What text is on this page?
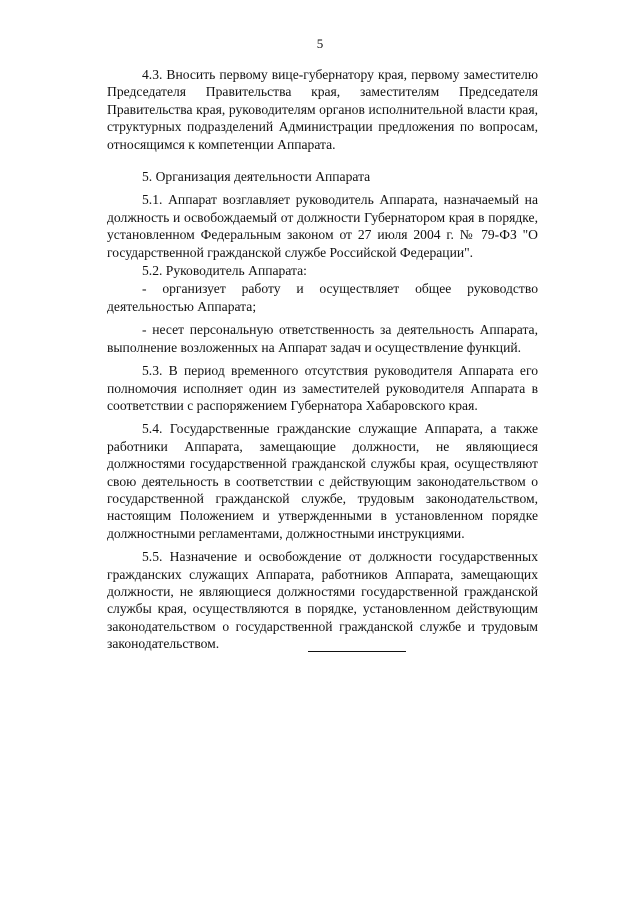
5

4.3. Вносить первому вице-губернатору края, первому заместителю Председателя Правительства края, заместителям Председателя Правительства края, руководителям органов исполнительной власти края, структурных подразделений Администрации предложения по вопросам, относящимся к компетенции Аппарата.

5. Организация деятельности Аппарата

5.1. Аппарат возглавляет руководитель Аппарата, назначаемый на должность и освобождаемый от должности Губернатором края в порядке, установленном Федеральным законом от 27 июля 2004 г. № 79-ФЗ "О государственной гражданской службе Российской Федерации".

5.2. Руководитель Аппарата:

- организует работу и осуществляет общее руководство деятельностью Аппарата;

- несет персональную ответственность за деятельность Аппарата, выполнение возложенных на Аппарат задач и осуществление функций.

5.3. В период временного отсутствия руководителя Аппарата его полномочия исполняет один из заместителей руководителя Аппарата в соответствии с распоряжением Губернатора Хабаровского края.

5.4. Государственные гражданские служащие Аппарата, а также работники Аппарата, замещающие должности, не являющиеся должностями государственной гражданской службы края, осуществляют свою деятельность в соответствии с действующим законодательством о государственной гражданской службе, трудовым законодательством, настоящим Положением и утвержденными в установленном порядке должностными регламентами, должностными инструкциями.

5.5. Назначение и освобождение от должности государственных гражданских служащих Аппарата, работников Аппарата, замещающих должности, не являющиеся должностями государственной гражданской службы края, осуществляются в порядке, установленном действующим законодательством о государственной гражданской службе и трудовым законодательством.
